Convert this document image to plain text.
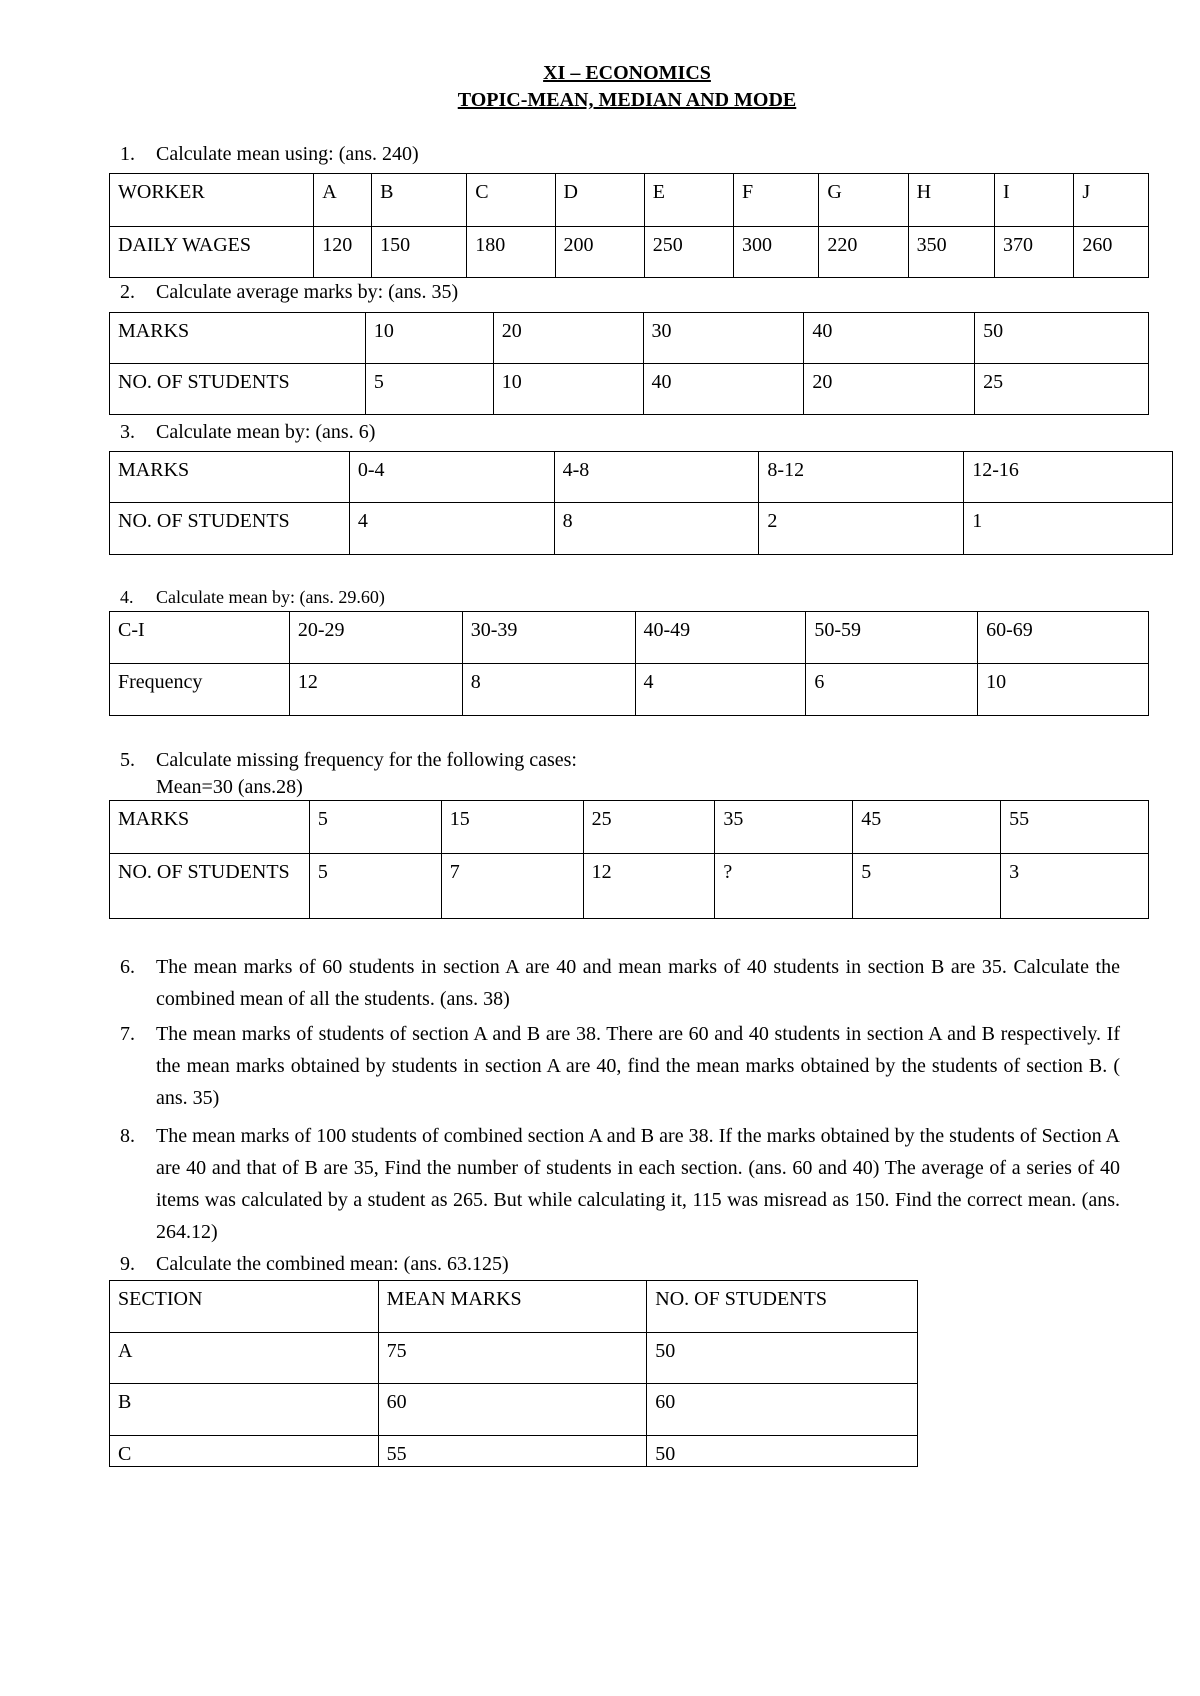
XI – ECONOMICS
TOPIC-MEAN, MEDIAN AND MODE
1. Calculate mean using: (ans. 240)
WORKER	A	B	C	D	E	F	G	H	I	J
DAILY WAGES	120	150	180	200	250	300	220	350	370	260
2. Calculate average marks by: (ans. 35)
MARKS	10	20	30	40	50
NO. OF STUDENTS	5	10	40	20	25
3. Calculate mean by: (ans. 6)
MARKS	0-4	4-8	8-12	12-16
NO. OF STUDENTS	4	8	2	1
4. Calculate mean by: (ans. 29.60)
C-I	20-29	30-39	40-49	50-59	60-69
Frequency	12	8	4	6	10
5. Calculate missing frequency for the following cases:
Mean=30 (ans.28)
MARKS	5	15	25	35	45	55
NO. OF STUDENTS	5	7	12	?	5	3
6. The mean marks of 60 students in section A are 40 and mean marks of 40 students in section B are 35. Calculate the combined mean of all the students. (ans. 38)
7. The mean marks of students of section A and B are 38. There are 60 and 40 students in section A and B respectively. If the mean marks obtained by students in section A are 40, find the mean marks obtained by the students of section B. ( ans. 35)
8. The mean marks of 100 students of combined section A and B are 38. If the marks obtained by the students of Section A are 40 and that of B are 35, Find the number of students in each section. (ans. 60 and 40) The average of a series of 40 items was calculated by a student as 265. But while calculating it, 115 was misread as 150. Find the correct mean. (ans. 264.12)
9. Calculate the combined mean: (ans. 63.125)
SECTION	MEAN MARKS	NO. OF STUDENTS
A	75	50
B	60	60
C	55	50
